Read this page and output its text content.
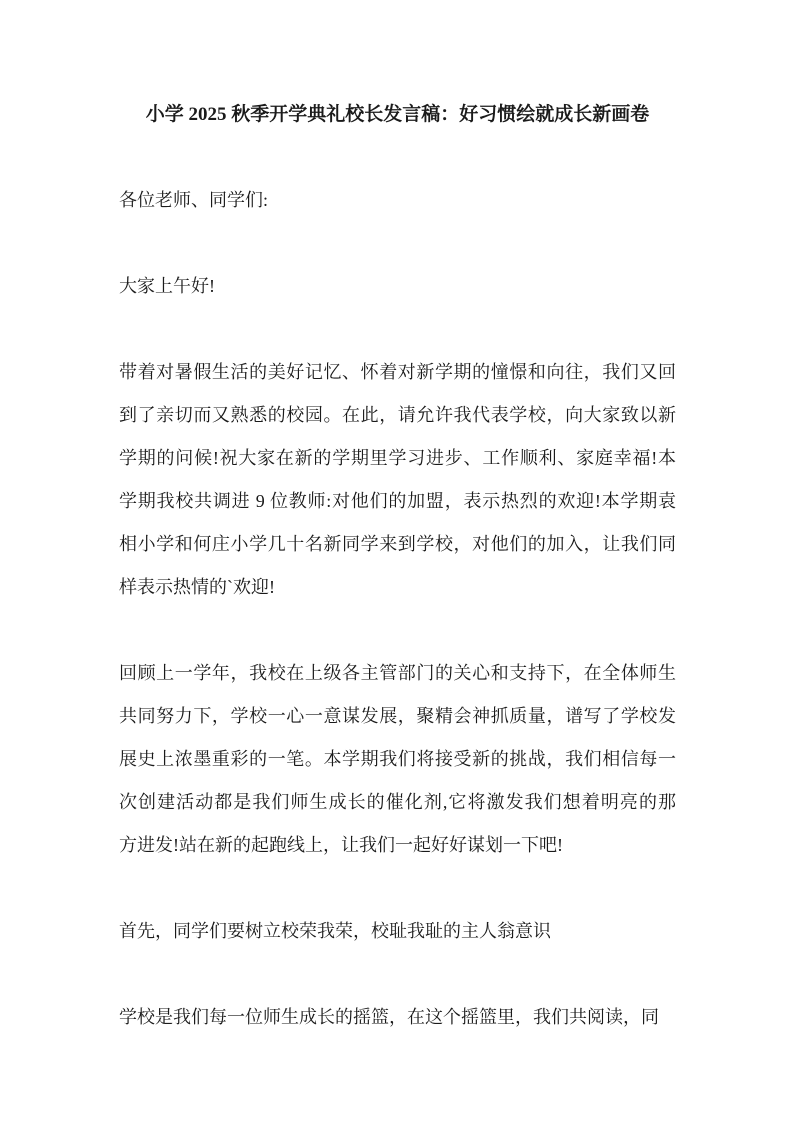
小学 2025 秋季开学典礼校长发言稿：好习惯绘就成长新画卷
各位老师、同学们:
大家上午好!
带着对暑假生活的美好记忆、怀着对新学期的憧憬和向往，我们又回
到了亲切而又熟悉的校园。在此，请允许我代表学校，向大家致以新
学期的问候!祝大家在新的学期里学习进步、工作顺利、家庭幸福!本
学期我校共调进 9 位教师:对他们的加盟，表示热烈的欢迎!本学期袁
相小学和何庄小学几十名新同学来到学校，对他们的加入，让我们同
样表示热情的`欢迎!
回顾上一学年，我校在上级各主管部门的关心和支持下，在全体师生
共同努力下，学校一心一意谋发展，聚精会神抓质量，谱写了学校发
展史上浓墨重彩的一笔。本学期我们将接受新的挑战，我们相信每一
次创建活动都是我们师生成长的催化剂,它将激发我们想着明亮的那
方进发!站在新的起跑线上，让我们一起好好谋划一下吧!
首先，同学们要树立校荣我荣，校耻我耻的主人翁意识
学校是我们每一位师生成长的摇篮，在这个摇篮里，我们共阅读，同
